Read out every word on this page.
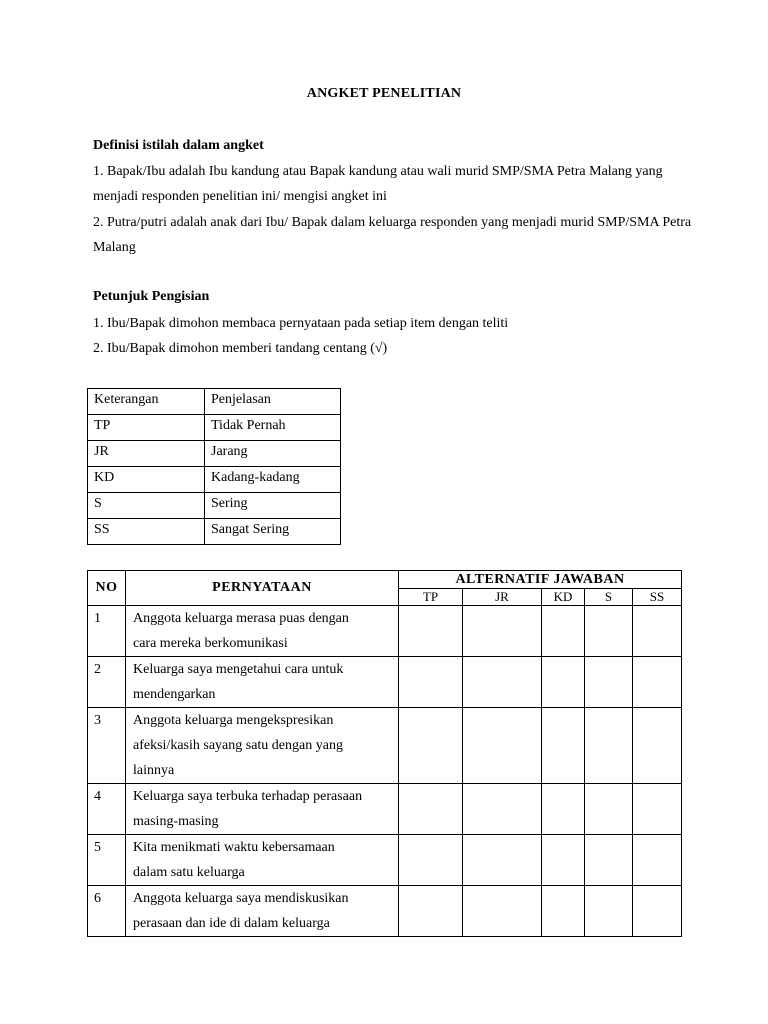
ANGKET PENELITIAN
Definisi istilah dalam angket
1. Bapak/Ibu adalah Ibu kandung atau Bapak kandung atau wali murid SMP/SMA Petra Malang yang menjadi responden penelitian ini/ mengisi angket ini
2. Putra/putri adalah anak dari Ibu/ Bapak dalam keluarga responden yang menjadi murid SMP/SMA Petra Malang
Petunjuk Pengisian
1. Ibu/Bapak dimohon membaca pernyataan pada setiap item dengan teliti
2. Ibu/Bapak dimohon memberi tandang centang (√)
Keterangan	Penjelasan
TP	Tidak Pernah
JR	Jarang
KD	Kadang-kadang
S	Sering
SS	Sangat Sering
NO	PERNYATAAN	ALTERNATIF JAWABAN				
		TP	JR	KD	S	SS
1	Anggota keluarga merasa puas dengan
cara mereka berkomunikasi					

2	Keluarga saya mengetahui cara untuk
mendengarkan					

3	Anggota keluarga mengekspresikan
afeksi/kasih sayang satu dengan yang
lainnya					

4	Keluarga saya terbuka terhadap perasaan
masing-masing					

5	Kita menikmati waktu kebersamaan
dalam satu keluarga					

6	Anggota keluarga saya mendiskusikan
perasaan dan ide di dalam keluarga					
